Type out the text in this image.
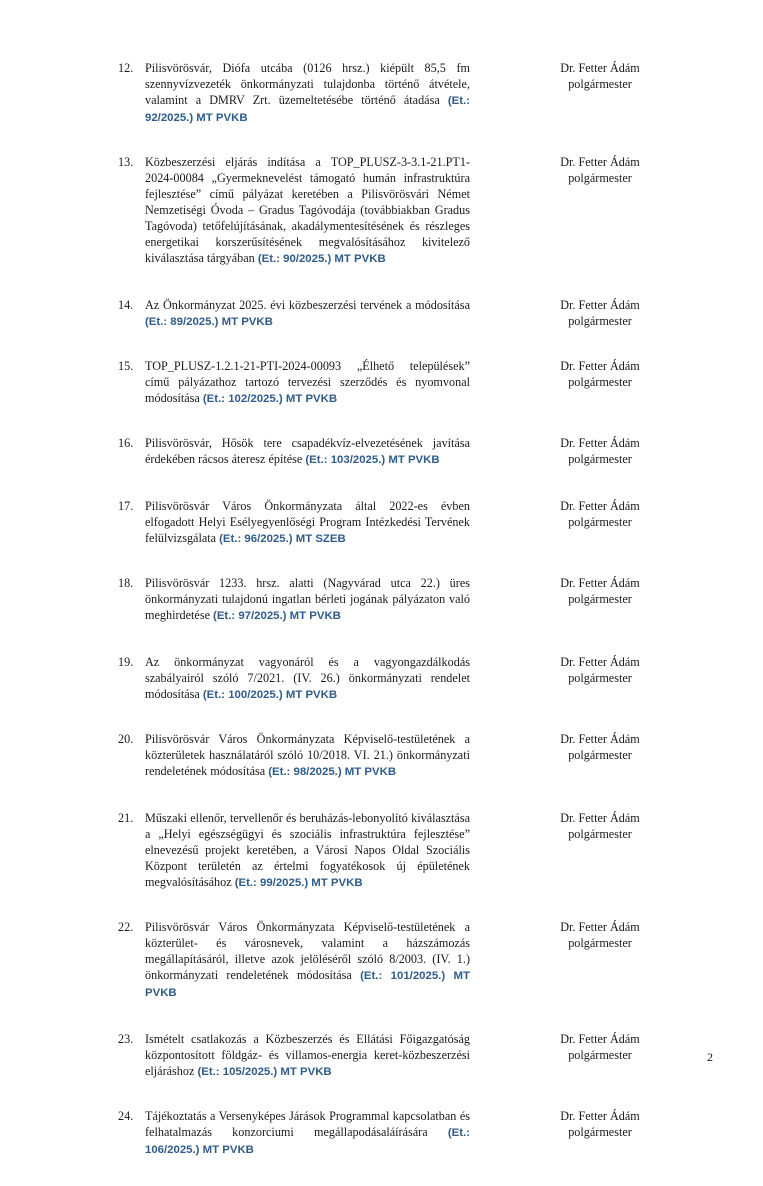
12. Pilisvörösvár, Diófa utcába (0126 hrsz.) kiépült 85,5 fm szennyvízvezeték önkormányzati tulajdonba történő átvétele, valamint a DMRV Zrt. üzemeltetésébe történő átadása (Et.: 92/2025.) MT PVKB
Dr. Fetter Ádám
polgármester
13. Közbeszerzési eljárás indítása a TOP_PLUSZ-3-3.1-21.PT1-2024-00084 „Gyermeknevelést támogató humán infrastruktúra fejlesztése” című pályázat keretében a Pilisvörösvári Német Nemzetiségi Óvoda – Gradus Tagóvodája (továbbiakban Gradus Tagóvoda) tetőfelújításának, akadálymentesítésének és részleges energetikai korszerűsítésének megvalósításához kivitelező kiválasztása tárgyában (Et.: 90/2025.) MT PVKB
Dr. Fetter Ádám
polgármester
14. Az Önkormányzat 2025. évi közbeszerzési tervének a módosítása (Et.: 89/2025.) MT PVKB
Dr. Fetter Ádám
polgármester
15. TOP_PLUSZ-1.2.1-21-PTI-2024-00093 „Élhető települések” című pályázathoz tartozó tervezési szerződés és nyomvonal módosítása (Et.: 102/2025.) MT PVKB
Dr. Fetter Ádám
polgármester
16. Pilisvörösvár, Hősök tere csapadékvíz-elvezetésének javítása érdekében rácsos áteresz építése (Et.: 103/2025.) MT PVKB
Dr. Fetter Ádám
polgármester
17. Pilisvörösvár Város Önkormányzata által 2022-es évben elfogadott Helyi Esélyegyenlőségi Program Intézkedési Tervének felülvizsgálata (Et.: 96/2025.) MT SZEB
Dr. Fetter Ádám
polgármester
18. Pilisvörösvár 1233. hrsz. alatti (Nagyvárad utca 22.) üres önkormányzati tulajdonú ingatlan bérleti jogának pályázaton való meghirdetése (Et.: 97/2025.) MT PVKB
Dr. Fetter Ádám
polgármester
19. Az önkormányzat vagyonáról és a vagyongazdálkodás szabályairól szóló 7/2021. (IV. 26.) önkormányzati rendelet módosítása (Et.: 100/2025.) MT PVKB
Dr. Fetter Ádám
polgármester
20. Pilisvörösvár Város Önkormányzata Képviselő-testületének a közterületek használatáról szóló 10/2018. VI. 21.) önkormányzati rendeletének módosítása (Et.: 98/2025.) MT PVKB
Dr. Fetter Ádám
polgármester
21. Műszaki ellenőr, tervellenőr és beruházás-lebonyolító kiválasztása a „Helyi egészségügyi és szociális infrastruktúra fejlesztése” elnevezésű projekt keretében, a Városi Napos Oldal Szociális Központ területén az értelmi fogyatékosok új épületének megvalósításához (Et.: 99/2025.) MT PVKB
Dr. Fetter Ádám
polgármester
22. Pilisvörösvár Város Önkormányzata Képviselő-testületének a közterület- és városnevek, valamint a házszámozás megállapításáról, illetve azok jelöléséről szóló 8/2003. (IV. 1.) önkormányzati rendeletének módosítása (Et.: 101/2025.) MT PVKB
Dr. Fetter Ádám
polgármester
23. Ismételt csatlakozás a Közbeszerzés és Ellátási Főigazgatóság központosított földgáz- és villamos-energia keret-közbeszerzési eljáráshoz (Et.: 105/2025.) MT PVKB
Dr. Fetter Ádám
polgármester
24. Tájékoztatás a Versenyképes Járások Programmal kapcsolatban és felhatalmazás konzorciumi megállapodásaláírására (Et.: 106/2025.) MT PVKB
Dr. Fetter Ádám
polgármester
2
